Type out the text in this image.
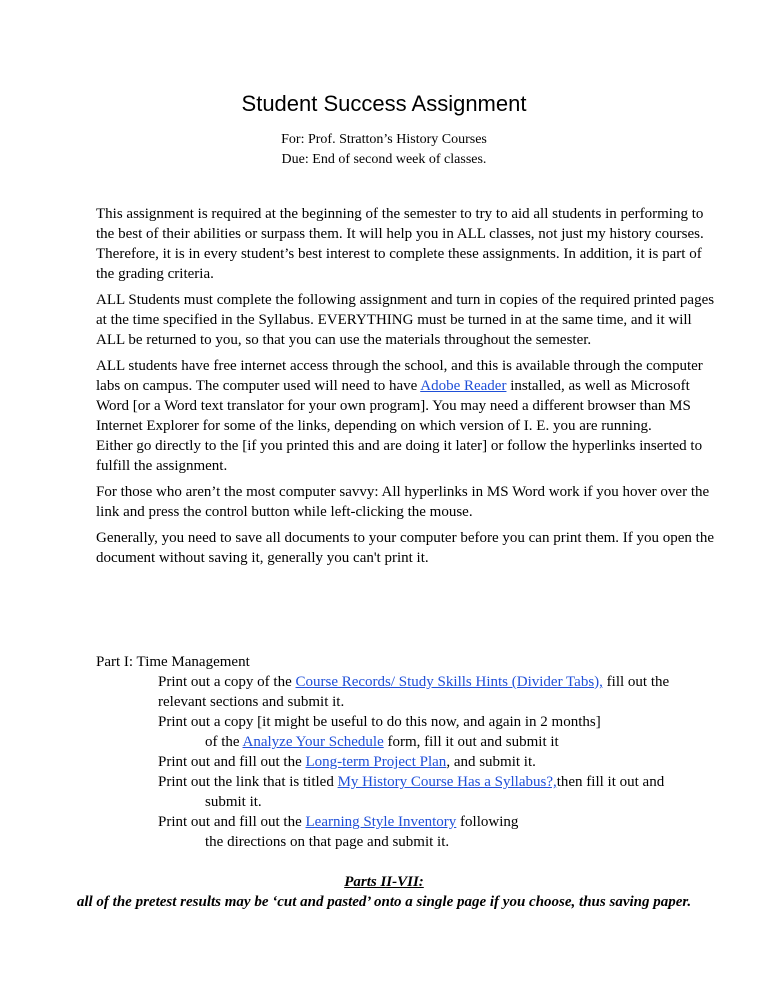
Student Success Assignment
For: Prof. Stratton’s History Courses
Due: End of second week of classes.

This assignment is required at the beginning of the semester to try to aid all students in performing to
the best of their abilities or surpass them. It will help you in ALL classes, not just my history courses.
Therefore, it is in every student’s best interest to complete these assignments. In addition, it is part of
the grading criteria.

ALL Students must complete the following assignment and turn in copies of the required printed pages
at the time specified in the Syllabus. EVERYTHING must be turned in at the same time, and it will
ALL be returned to you, so that you can use the materials throughout the semester.

ALL students have free internet access through the school, and this is available through the computer
labs on campus. The computer used will need to have Adobe Reader installed, as well as Microsoft
Word [or a Word text translator for your own program]. You may need a different browser than MS
Internet Explorer for some of the links, depending on which version of I. E. you are running.
Either go directly to the [if you printed this and are doing it later] or follow the hyperlinks inserted to
fulfill the assignment.

For those who aren’t the most computer savvy: All hyperlinks in MS Word work if you hover over the
link and press the control button while left-clicking the mouse.

Generally, you need to save all documents to your computer before you can print them. If you open the
document without saving it, generally you can't print it.

Part I: Time Management
Print out a copy of the Course Records/ Study Skills Hints (Divider Tabs), fill out the
relevant sections and submit it.
Print out a copy [it might be useful to do this now, and again in 2 months]
of the Analyze Your Schedule form, fill it out and submit it
Print out and fill out the Long-term Project Plan, and submit it.
Print out the link that is titled My History Course Has a Syllabus?,then fill it out and
submit it.
Print out and fill out the Learning Style Inventory following
the directions on that page and submit it.
Parts II-VII:
all of the pretest results may be ‘cut and pasted’ onto a single page if you choose, thus saving paper.
